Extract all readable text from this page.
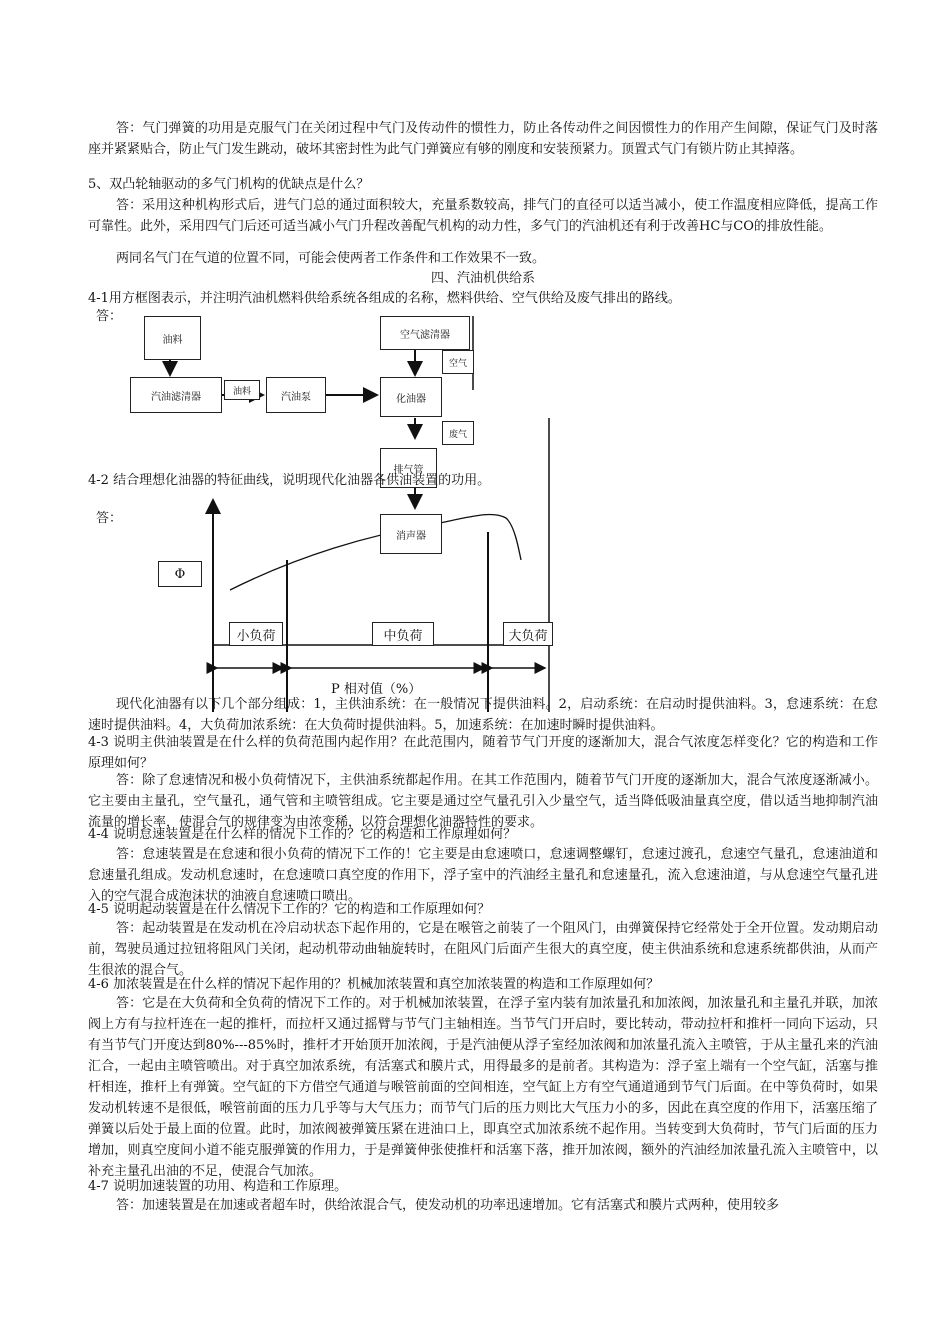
答：气门弹簧的功用是克服气门在关闭过程中气门及传动件的惯性力，防止各传动件之间因惯性力的作用产生间隙，保证气门及时落座并紧紧贴合，防止气门发生跳动，破坏其密封性为此气门弹簧应有够的刚度和安装预紧力。顶置式气门有锁片防止其掉落。

5、双凸轮轴驱动的多气门机构的优缺点是什么？

答：采用这种机构形式后，进气门总的通过面积较大，充量系数较高，排气门的直径可以适当减小，使工作温度相应降低，提高工作可靠性。此外，采用四气门后还可适当减小气门升程改善配气机构的动力性，多气门的汽油机还有利于改善HC与CO的排放性能。

两同名气门在气道的位置不同，可能会使两者工作条件和工作效果不一致。

四、汽油机供给系

4-1用方框图表示，并注明汽油机燃料供给系统各组成的名称，燃料供给、空气供给及废气排出的路线。

答：

油料
汽油滤清器	油料	汽油泵
空气滤清器
空气
化油器
废气
排气管
消声器

4-2 结合理想化油器的特征曲线，说明现代化油器各供油装置的功用。

答：

Φ
小负荷	中负荷	大负荷
P 相对值（%）

现代化油器有以下几个部分组成：1，主供油系统：在一般情况下提供油料。2，启动系统：在启动时提供油料。3，怠速系统：在怠速时提供油料。4，大负荷加浓系统：在大负荷时提供油料。5，加速系统：在加速时瞬时提供油料。

4-3 说明主供油装置是在什么样的负荷范围内起作用？在此范围内，随着节气门开度的逐渐加大，混合气浓度怎样变化？它的构造和工作原理如何？

答：除了怠速情况和极小负荷情况下，主供油系统都起作用。在其工作范围内，随着节气门开度的逐渐加大，混合气浓度逐渐减小。它主要由主量孔，空气量孔，通气管和主喷管组成。它主要是通过空气量孔引入少量空气，适当降低吸油量真空度，借以适当地抑制汽油流量的增长率，使混合气的规律变为由浓变稀，以符合理想化油器特性的要求。

4-4 说明怠速装置是在什么样的情况下工作的？它的构造和工作原理如何？

答：怠速装置是在怠速和很小负荷的情况下工作的！它主要是由怠速喷口，怠速调整螺钉，怠速过渡孔，怠速空气量孔，怠速油道和怠速量孔组成。发动机怠速时，在怠速喷口真空度的作用下，浮子室中的汽油经主量孔和怠速量孔，流入怠速油道，与从怠速空气量孔进入的空气混合成泡沫状的油液自怠速喷口喷出。

4-5 说明起动装置是在什么情况下工作的？它的构造和工作原理如何？

答：起动装置是在发动机在冷启动状态下起作用的，它是在喉管之前装了一个阻风门，由弹簧保持它经常处于全开位置。发动期启动前，驾驶员通过拉钮将阻风门关闭，起动机带动曲轴旋转时，在阻风门后面产生很大的真空度，使主供油系统和怠速系统都供油，从而产生很浓的混合气。

4-6 加浓装置是在什么样的情况下起作用的？机械加浓装置和真空加浓装置的构造和工作原理如何？

答：它是在大负荷和全负荷的情况下工作的。对于机械加浓装置，在浮子室内装有加浓量孔和加浓阀，加浓量孔和主量孔并联，加浓阀上方有与拉杆连在一起的推杆，而拉杆又通过摇臂与节气门主轴相连。当节气门开启时，要比转动，带动拉杆和推杆一同向下运动，只有当节气门开度达到80%---85%时，推杆才开始顶开加浓阀，于是汽油便从浮子室经加浓阀和加浓量孔流入主喷管，于从主量孔来的汽油汇合，一起由主喷管喷出。对于真空加浓系统，有活塞式和膜片式，用得最多的是前者。其构造为：浮子室上端有一个空气缸，活塞与推杆相连，推杆上有弹簧。空气缸的下方借空气通道与喉管前面的空间相连，空气缸上方有空气通道通到节气门后面。在中等负荷时，如果发动机转速不是很低，喉管前面的压力几乎等与大气压力；而节气门后的压力则比大气压力小的多，因此在真空度的作用下，活塞压缩了弹簧以后处于最上面的位置。此时，加浓阀被弹簧压紧在进油口上，即真空式加浓系统不起作用。当转变到大负荷时，节气门后面的压力增加，则真空度间小道不能克服弹簧的作用力，于是弹簧伸张使推杆和活塞下落，推开加浓阀，额外的汽油经加浓量孔流入主喷管中，以补充主量孔出油的不足，使混合气加浓。

4-7 说明加速装置的功用、构造和工作原理。

答：加速装置是在加速或者超车时，供给浓混合气，使发动机的功率迅速增加。它有活塞式和膜片式两种，使用较多
